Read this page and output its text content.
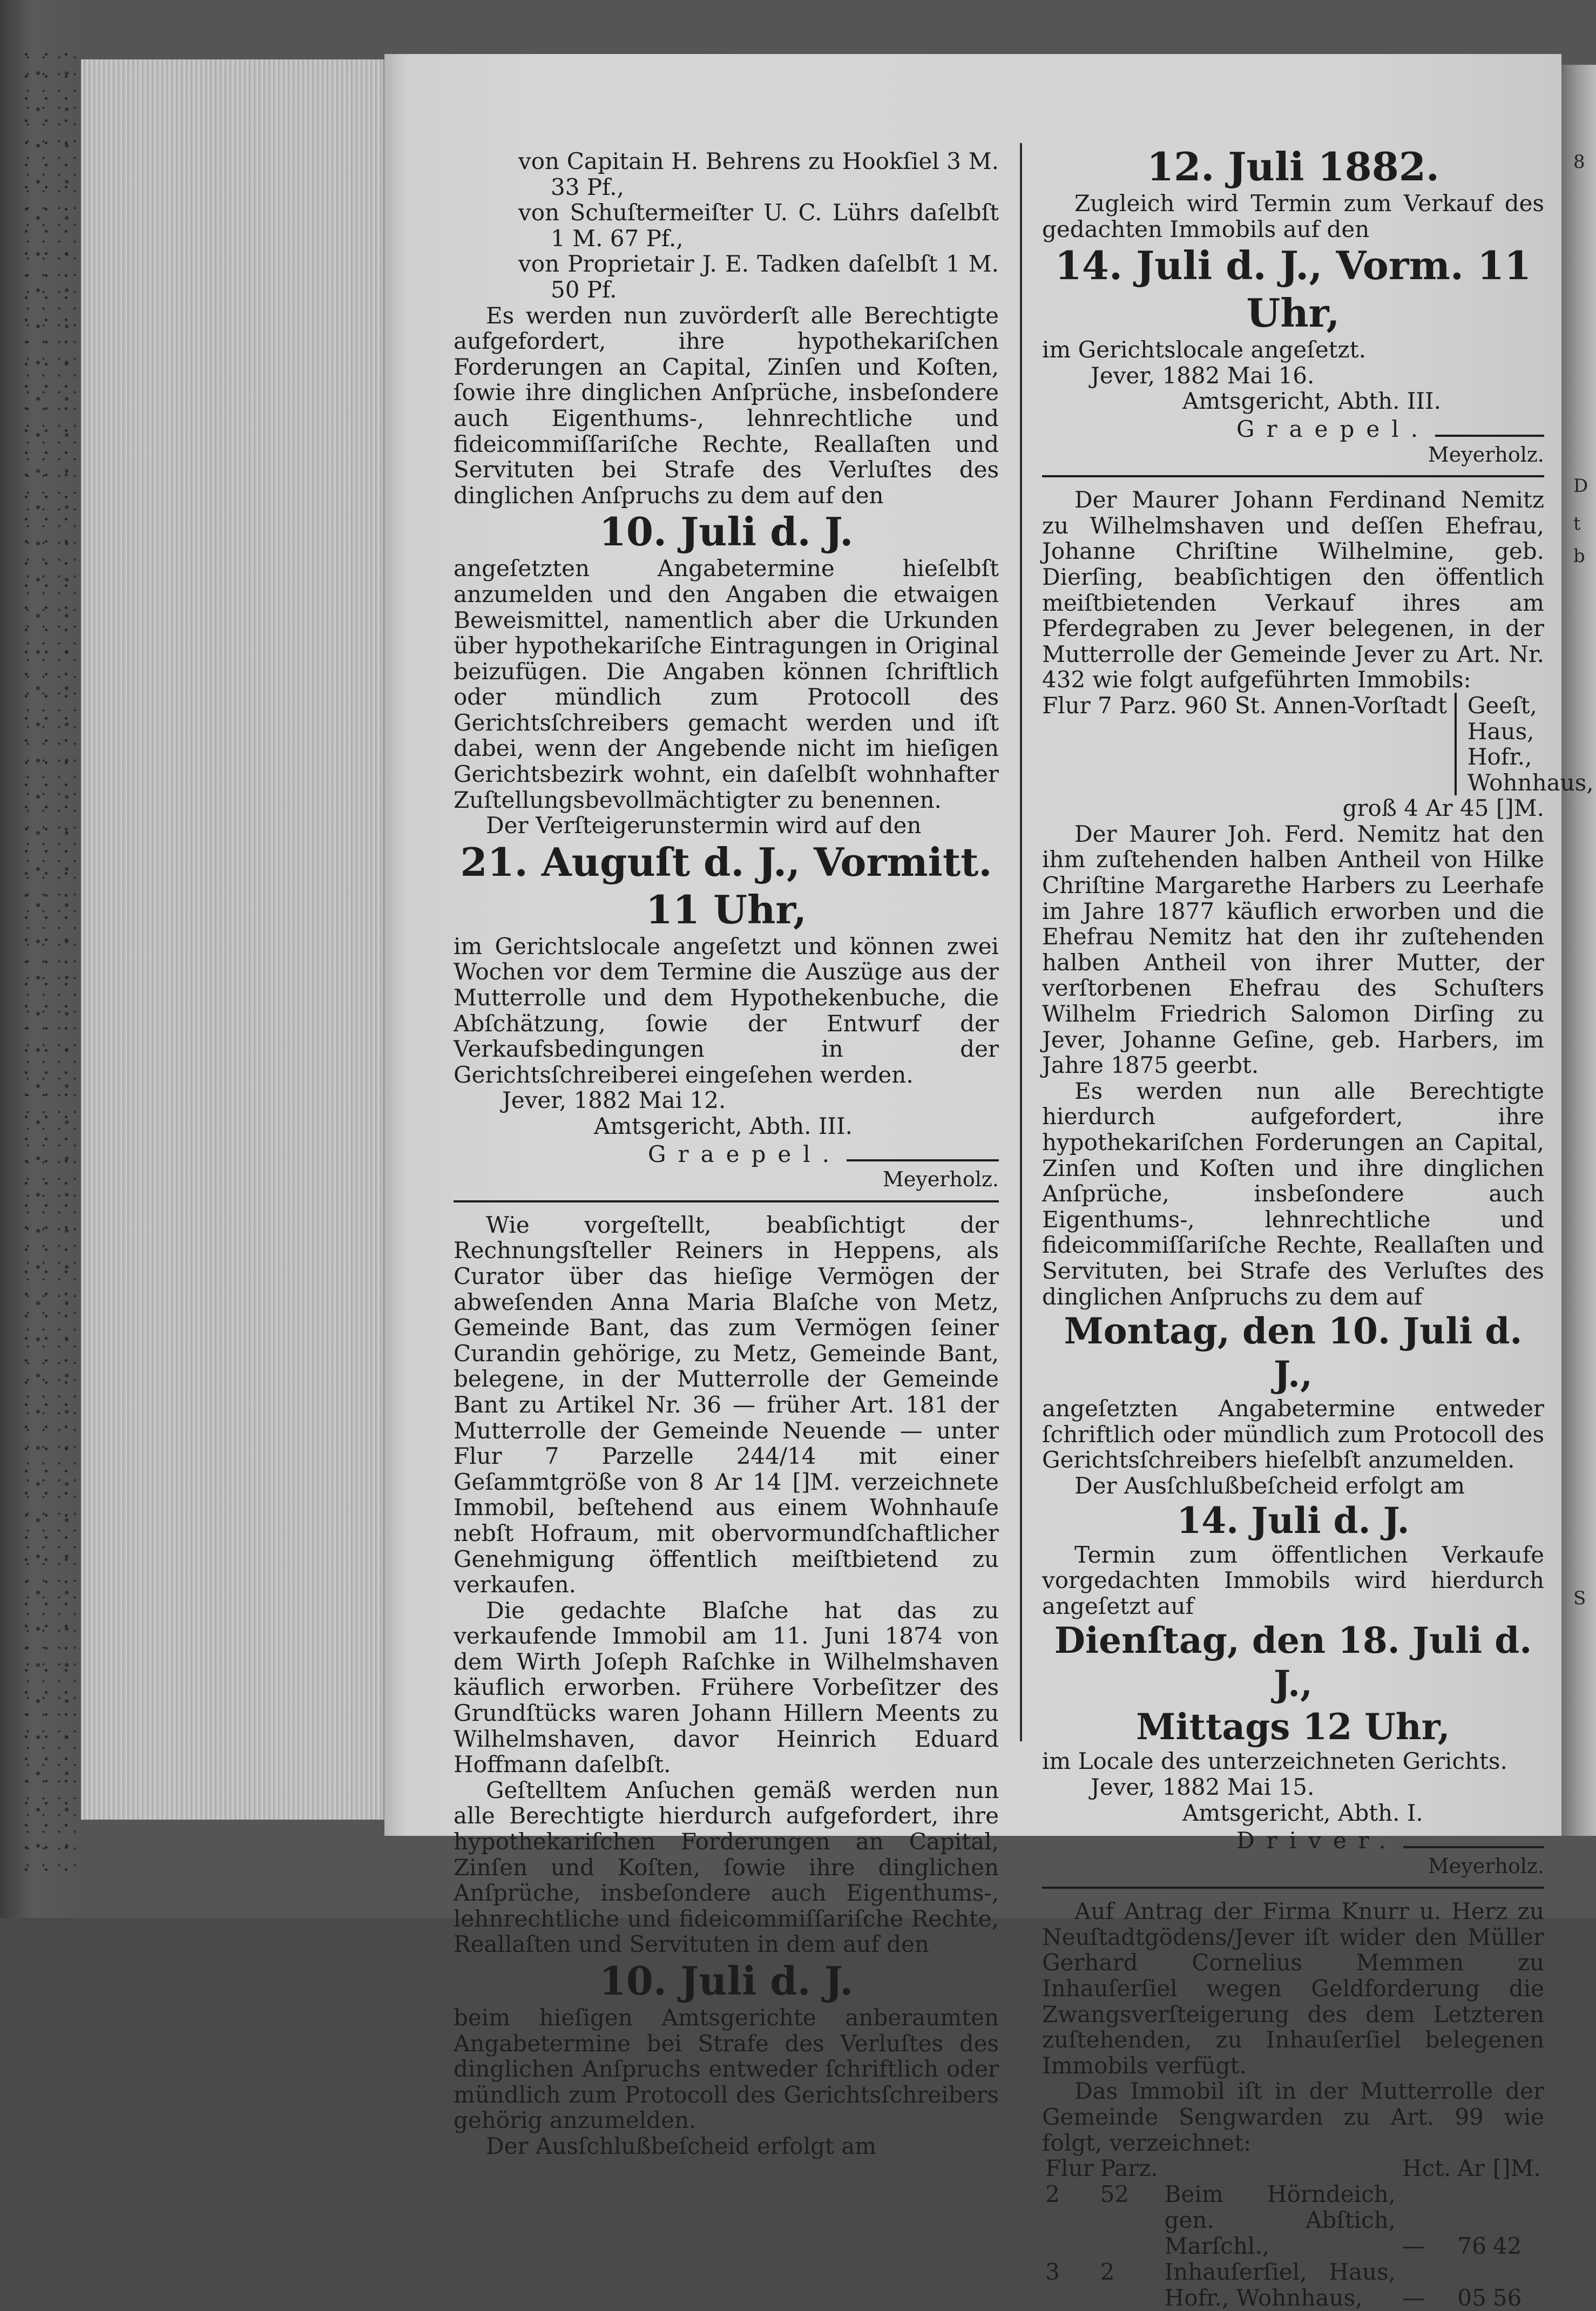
8
D
t
b
S

von Capitain H. Behrens zu Hookſiel 3 M. 33 Pf.,

von Schuſtermeiſter U. C. Lührs daſelbſt 1 M. 67 Pf.,

von Proprietair J. E. Tadken daſelbſt 1 M. 50 Pf.

Es werden nun zuvörderſt alle Berechtigte aufgefordert, ihre hypothekariſchen Forderungen an Capital, Zinſen und Koſten, ſowie ihre dinglichen Anſprüche, insbeſondere auch Eigenthums-, lehnrechtliche und fideicommiſſariſche Rechte, Reallaſten und Servituten bei Strafe des Verluſtes des dinglichen Anſpruchs zu dem auf den

10. Juli d. J.

angeſetzten Angabetermine hieſelbſt anzumelden und den Angaben die etwaigen Beweismittel, namentlich aber die Urkunden über hypothekariſche Eintragungen in Original beizufügen. Die Angaben können ſchriftlich oder mündlich zum Protocoll des Gerichtsſchreibers gemacht werden und iſt dabei, wenn der Angebende nicht im hieſigen Gerichtsbezirk wohnt, ein daſelbſt wohnhafter Zuſtellungsbevollmächtigter zu benennen.

Der Verſteigerunstermin wird auf den

21. Auguſt d. J., Vormitt. 11 Uhr,

im Gerichtslocale angeſetzt und können zwei Wochen vor dem Termine die Auszüge aus der Mutterrolle und dem Hypothekenbuche, die Abſchätzung, ſowie der Entwurf der Verkaufsbedingungen in der Gerichtsſchreiberei eingeſehen werden.

Jever, 1882 Mai 12.

Amtsgericht, Abth. III.

Graepel.

Meyerholz.

Wie vorgeſtellt, beabſichtigt der Rechnungsſteller Reiners in Heppens, als Curator über das hieſige Vermögen der abweſenden Anna Maria Blaſche von Metz, Gemeinde Bant, das zum Vermögen ſeiner Curandin gehörige, zu Metz, Gemeinde Bant, belegene, in der Mutterrolle der Gemeinde Bant zu Artikel Nr. 36 — früher Art. 181 der Mutterrolle der Gemeinde Neuende — unter Flur 7 Parzelle 244/14 mit einer Geſammtgröße von 8 Ar 14 []M. verzeichnete Immobil, beſtehend aus einem Wohnhauſe nebſt Hofraum, mit obervormundſchaftlicher Genehmigung öffentlich meiſtbietend zu verkaufen.

Die gedachte Blaſche hat das zu verkaufende Immobil am 11. Juni 1874 von dem Wirth Joſeph Raſchke in Wilhelmshaven käuflich erworben. Frühere Vorbeſitzer des Grundſtücks waren Johann Hillern Meents zu Wilhelmshaven, davor Heinrich Eduard Hoffmann daſelbſt.

Geſtelltem Anſuchen gemäß werden nun alle Berechtigte hierdurch aufgefordert, ihre hypothekariſchen Forderungen an Capital, Zinſen und Koſten, ſowie ihre dinglichen Anſprüche, insbeſondere auch Eigenthums-, lehnrechtliche und fideicommiſſariſche Rechte, Reallaſten und Servituten in dem auf den

10. Juli d. J.

beim hieſigen Amtsgerichte anberaumten Angabetermine bei Strafe des Verluſtes des dinglichen Anſpruchs entweder ſchriftlich oder mündlich zum Protocoll des Gerichtsſchreibers gehörig anzumelden.

Der Ausſchlußbeſcheid erfolgt am

12. Juli 1882.

Zugleich wird Termin zum Verkauf des gedachten Immobils auf den

14. Juli d. J., Vorm. 11 Uhr,

im Gerichtslocale angeſetzt.

Jever, 1882 Mai 16.

Amtsgericht, Abth. III.

Graepel.

Meyerholz.

Der Maurer Johann Ferdinand Nemitz zu Wilhelmshaven und deſſen Ehefrau, Johanne Chriſtine Wilhelmine, geb. Dierſing, beabſichtigen den öffentlich meiſtbietenden Verkauf ihres am Pferdegraben zu Jever belegenen, in der Mutterrolle der Gemeinde Jever zu Art. Nr. 432 wie folgt aufgeführten Immobils:

Flur 7 Parz. 960 St. Annen-Vorſtadt Geeſt,
Haus, Hofr.,
Wohnhaus,

groß 4 Ar 45 []M.

Der Maurer Joh. Ferd. Nemitz hat den ihm zuſtehenden halben Antheil von Hilke Chriſtine Margarethe Harbers zu Leerhafe im Jahre 1877 käuflich erworben und die Ehefrau Nemitz hat den ihr zuſtehenden halben Antheil von ihrer Mutter, der verſtorbenen Ehefrau des Schuſters Wilhelm Friedrich Salomon Dirſing zu Jever, Johanne Geſine, geb. Harbers, im Jahre 1875 geerbt.

Es werden nun alle Berechtigte hierdurch aufgefordert, ihre hypothekariſchen Forderungen an Capital, Zinſen und Koſten und ihre dinglichen Anſprüche, insbeſondere auch Eigenthums-, lehnrechtliche und fideicommiſſariſche Rechte, Reallaſten und Servituten, bei Strafe des Verluſtes des dinglichen Anſpruchs zu dem auf

Montag, den 10. Juli d. J.,

angeſetzten Angabetermine entweder ſchriftlich oder mündlich zum Protocoll des Gerichtsſchreibers hieſelbſt anzumelden.

Der Ausſchlußbeſcheid erfolgt am

14. Juli d. J.

Termin zum öffentlichen Verkaufe vorgedachten Immobils wird hierdurch angeſetzt auf

Dienſtag, den 18. Juli d. J.,

Mittags 12 Uhr,

im Locale des unterzeichneten Gerichts.

Jever, 1882 Mai 15.

Amtsgericht, Abth. I.

Driver.

Meyerholz.

Auf Antrag der Firma Knurr u. Herz zu Neuſtadtgödens/Jever iſt wider den Müller Gerhard Cornelius Memmen zu Inhauſerſiel wegen Geldforderung die Zwangsverſteigerung des dem Letzteren zuſtehenden, zu Inhauſerſiel belegenen Immobils verfügt.

Das Immobil iſt in der Mutterrolle der Gemeinde Sengwarden zu Art. 99 wie folgt, verzeichnet:

Flur	Parz.		Hct.	Ar	[]M.
2	52	Beim Hörndeich, gen. Abſtich, Marſchl.,	—	76	42
3	2	Inhauſerſiel, Haus, Hofr., Wohnhaus,	—	05	56
